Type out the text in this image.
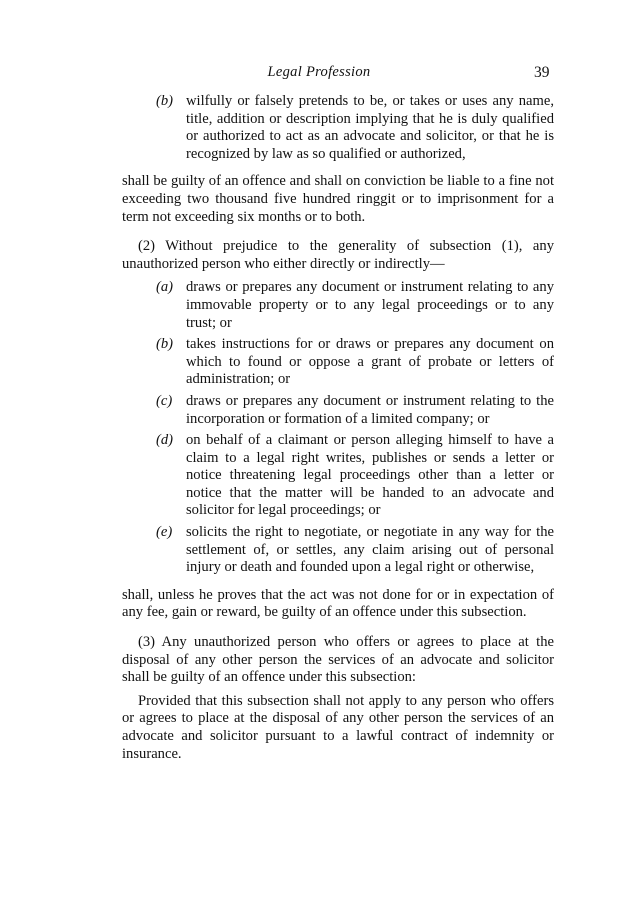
Legal Profession	39
(b) wilfully or falsely pretends to be, or takes or uses any name, title, addition or description implying that he is duly qualified or authorized to act as an advocate and solicitor, or that he is recognized by law as so qualified or authorized,
shall be guilty of an offence and shall on conviction be liable to a fine not exceeding two thousand five hundred ringgit or to imprisonment for a term not exceeding six months or to both.
(2) Without prejudice to the generality of subsection (1), any unauthorized person who either directly or indirectly—
(a) draws or prepares any document or instrument relating to any immovable property or to any legal proceedings or to any trust; or
(b) takes instructions for or draws or prepares any document on which to found or oppose a grant of probate or letters of administration; or
(c) draws or prepares any document or instrument relating to the incorporation or formation of a limited company; or
(d) on behalf of a claimant or person alleging himself to have a claim to a legal right writes, publishes or sends a letter or notice threatening legal proceedings other than a letter or notice that the matter will be handed to an advocate and solicitor for legal proceedings; or
(e) solicits the right to negotiate, or negotiate in any way for the settlement of, or settles, any claim arising out of personal injury or death and founded upon a legal right or otherwise,
shall, unless he proves that the act was not done for or in expectation of any fee, gain or reward, be guilty of an offence under this subsection.
(3) Any unauthorized person who offers or agrees to place at the disposal of any other person the services of an advocate and solicitor shall be guilty of an offence under this subsection:
Provided that this subsection shall not apply to any person who offers or agrees to place at the disposal of any other person the services of an advocate and solicitor pursuant to a lawful contract of indemnity or insurance.
